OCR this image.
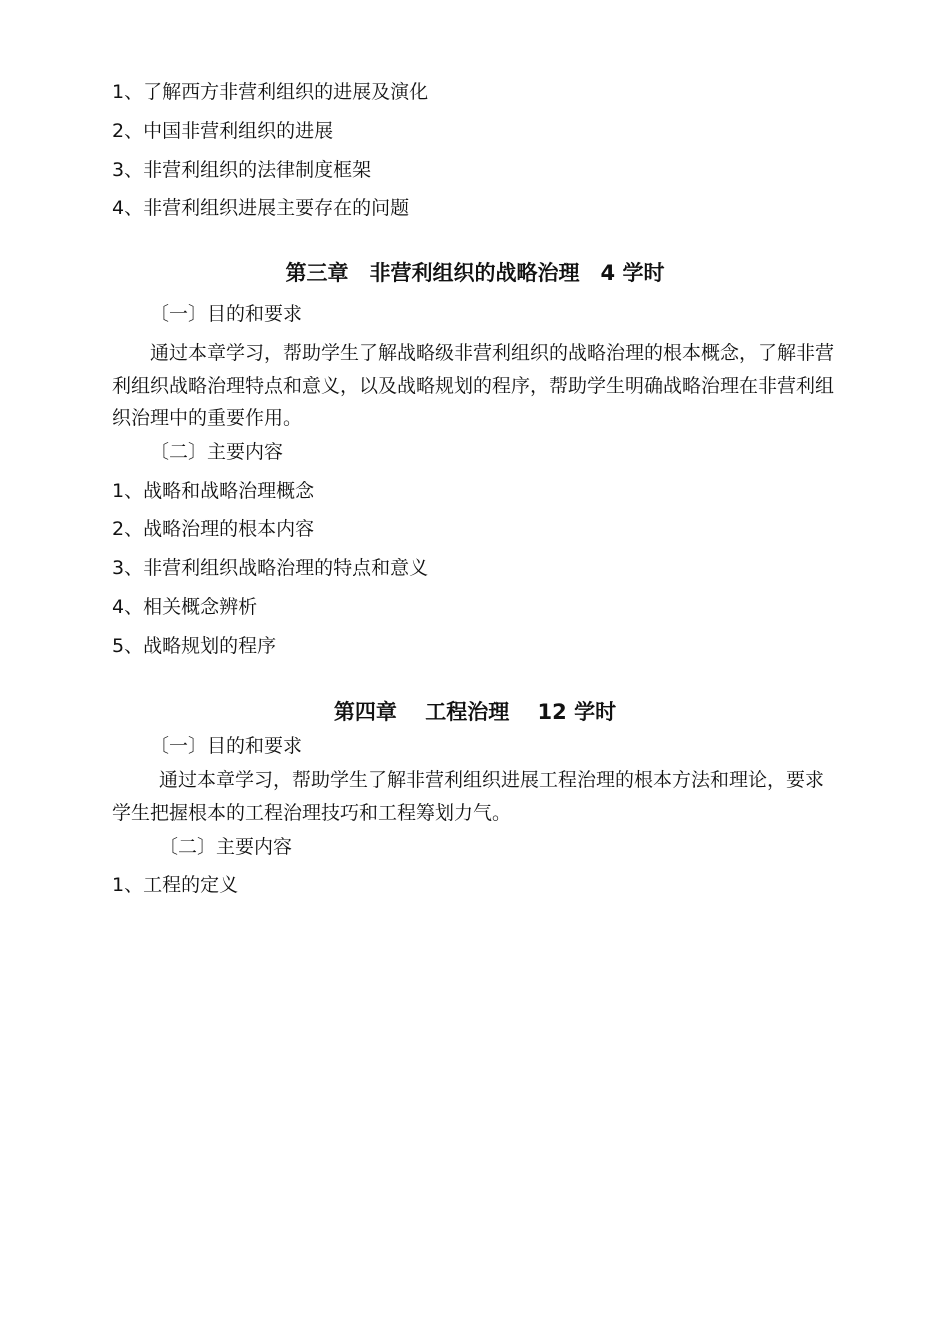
1、了解西方非营利组织的进展及演化
2、中国非营利组织的进展
3、非营利组织的法律制度框架
4、非营利组织进展主要存在的问题
第三章　非营利组织的战略治理　4 学时
〔一〕目的和要求
通过本章学习，帮助学生了解战略级非营利组织的战略治理的根本概念，了解非营
利组织战略治理特点和意义，以及战略规划的程序，帮助学生明确战略治理在非营利组
织治理中的重要作用。
〔二〕主要内容
1、战略和战略治理概念
2、战略治理的根本内容
3、非营利组织战略治理的特点和意义
4、相关概念辨析
5、战略规划的程序
第四章　 工程治理　 12 学时
〔一〕目的和要求
通过本章学习，帮助学生了解非营利组织进展工程治理的根本方法和理论，要求
学生把握根本的工程治理技巧和工程筹划力气。
〔二〕主要内容
1、工程的定义
